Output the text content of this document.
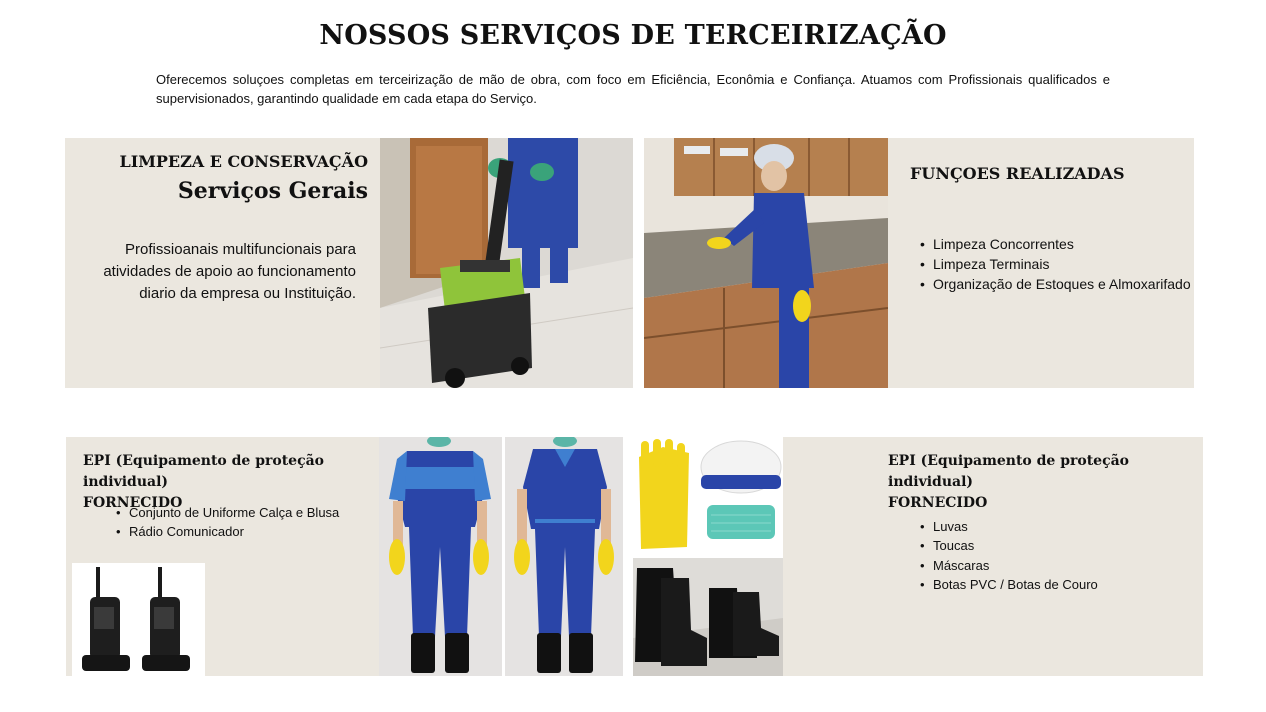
NOSSOS SERVIÇOS DE TERCEIRIZAÇÃO

Oferecemos soluçoes completas em terceirização de mão de obra, com foco em Eficiência, Econômia e Confiança. Atuamos com Profissionais qualificados e supervisionados, garantindo qualidade em cada etapa do Serviço.

LIMPEZA E CONSERVAÇÃO
Serviços Gerais
Profissioanais multifuncionais para atividades de apoio ao funcionamento diario da empresa ou Instituição.
FUNÇOES REALIZADAS
• Limpeza Concorrentes
• Limpeza Terminais
• Organização de Estoques e Almoxarifado
EPI (Equipamento de proteção individual)
FORNECIDO
• Conjunto de Uniforme Calça e Blusa
• Rádio Comunicador
EPI (Equipamento de proteção individual)
FORNECIDO
• Luvas
• Toucas
• Máscaras
• Botas PVC / Botas de Couro
